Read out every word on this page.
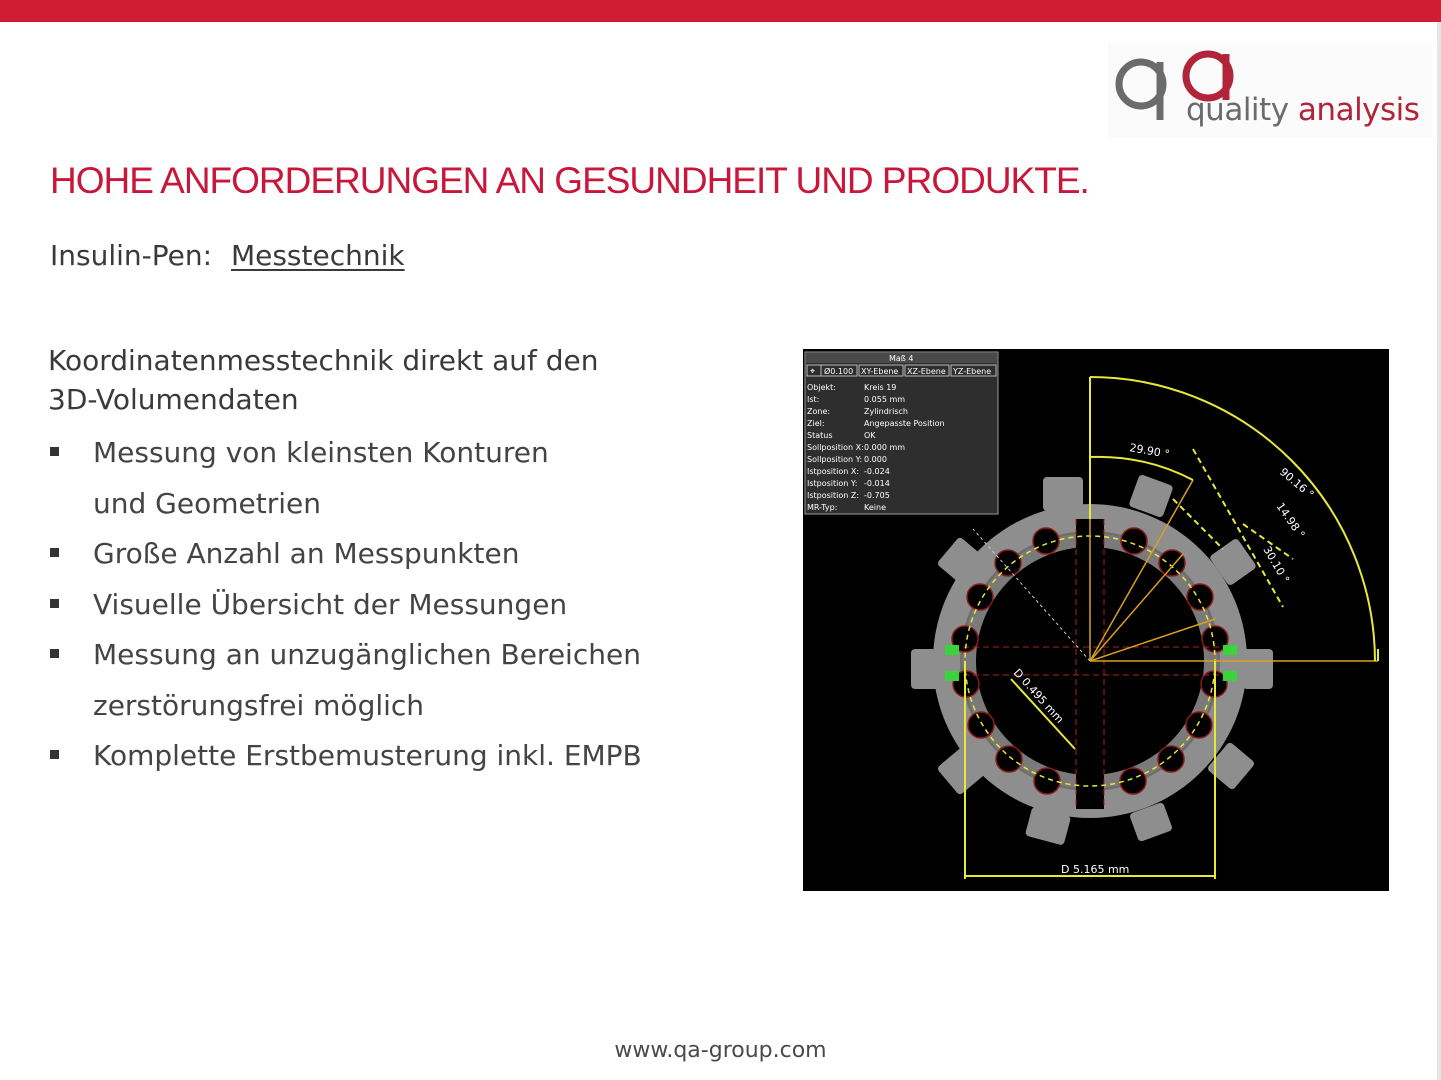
quality analysis
HOHE ANFORDERUNGEN AN GESUNDHEIT UND PRODUKTE.
Insulin-Pen: Messtechnik
Koordinatenmesstechnik direkt auf den
3D-Volumendaten
Messung von kleinsten Konturen
und Geometrien
Große Anzahl an Messpunkten
Visuelle Übersicht der Messungen
Messung an unzugänglichen Bereichen
zerstörungsfrei möglich
Komplette Erstbemusterung inkl. EMPB
90.16 °
29.90 °
14.98 °
30.10 °
D 0.495 mm
D 5.165 mm
Maß 4
⌖ Ø0.100 XY-Ebene XZ-Ebene YZ-Ebene
Objekt:	Kreis 19
Ist:	0.055 mm
Zone:	Zylindrisch
Ziel:	Angepasste Position
Status	OK
Sollposition X: 0.000 mm
Sollposition Y: 0.000
Istposition X: -0.024
Istposition Y: -0.014
Istposition Z: -0.705
MR-Typ:	Keine
www.qa-group.com
